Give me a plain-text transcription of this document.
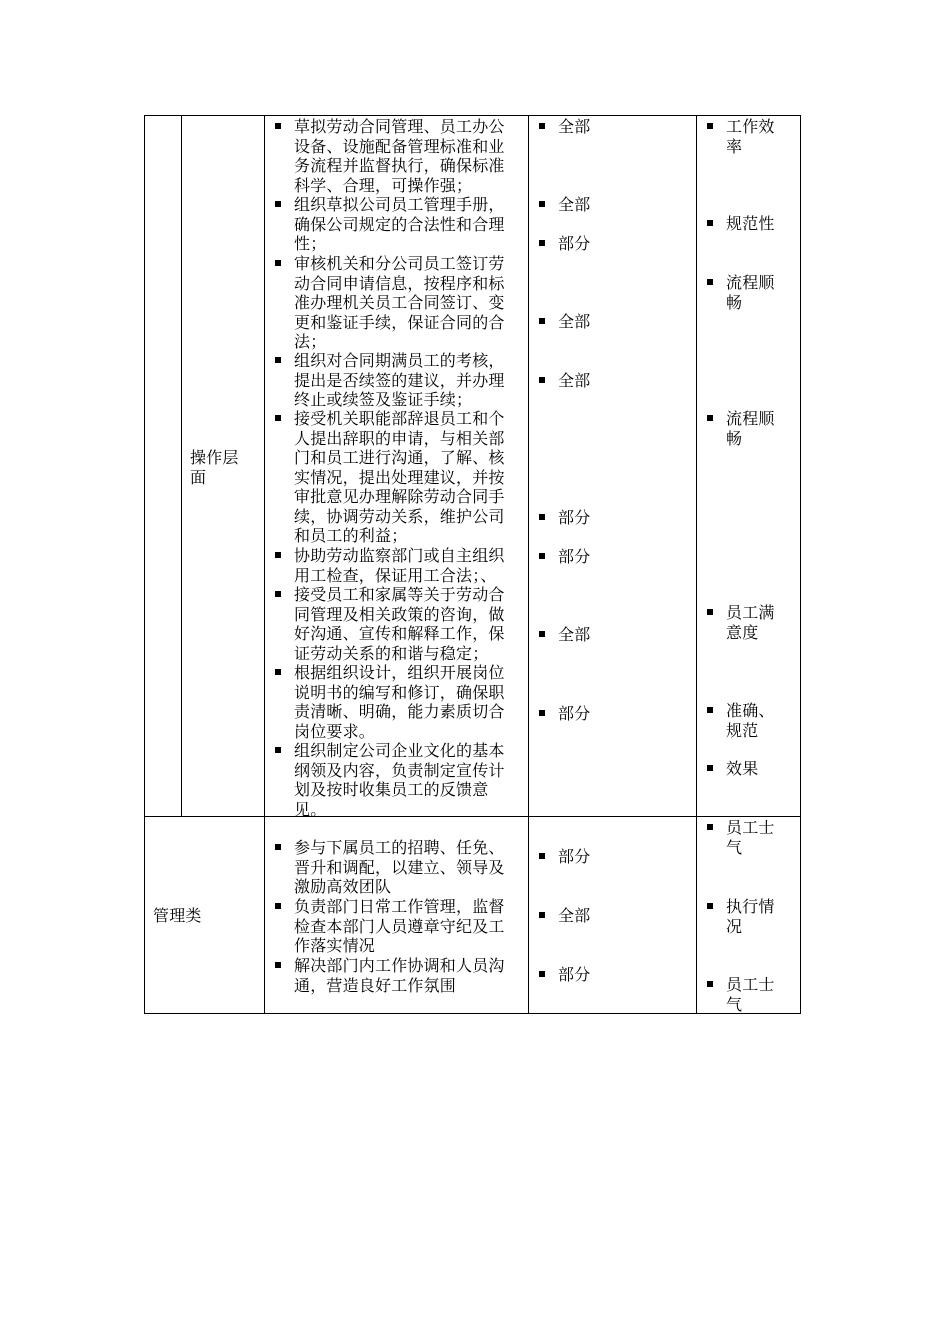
操作层面
草拟劳动合同管理、员工办公设备、设施配备管理标准和业务流程并监督执行，确保标准科学、合理，可操作强；
组织草拟公司员工管理手册，确保公司规定的合法性和合理性；
审核机关和分公司员工签订劳动合同申请信息，按程序和标准办理机关员工合同签订、变更和鉴证手续，保证合同的合法；
组织对合同期满员工的考核，提出是否续签的建议，并办理终止或续签及鉴证手续；
接受机关职能部辞退员工和个人提出辞职的申请，与相关部门和员工进行沟通，了解、核实情况，提出处理建议，并按审批意见办理解除劳动合同手续，协调劳动关系，维护公司和员工的利益；
协助劳动监察部门或自主组织用工检查，保证用工合法；、
接受员工和家属等关于劳动合同管理及相关政策的咨询，做好沟通、宣传和解释工作，保证劳动关系的和谐与稳定；
根据组织设计，组织开展岗位说明书的编写和修订，确保职责清晰、明确，能力素质切合岗位要求。
组织制定公司企业文化的基本纲领及内容，负责制定宣传计划及按时收集员工的反馈意见。
全部
全部
部分
全部
全部
部分
部分
全部
部分
工作效率
规范性
流程顺畅
流程顺畅
员工满意度
准确、规范
效果
管理类
参与下属员工的招聘、任免、晋升和调配，以建立、领导及激励高效团队
负责部门日常工作管理，监督检查本部门人员遵章守纪及工作落实情况
解决部门内工作协调和人员沟通，营造良好工作氛围
部分
全部
部分
员工士气
执行情况
员工士气
